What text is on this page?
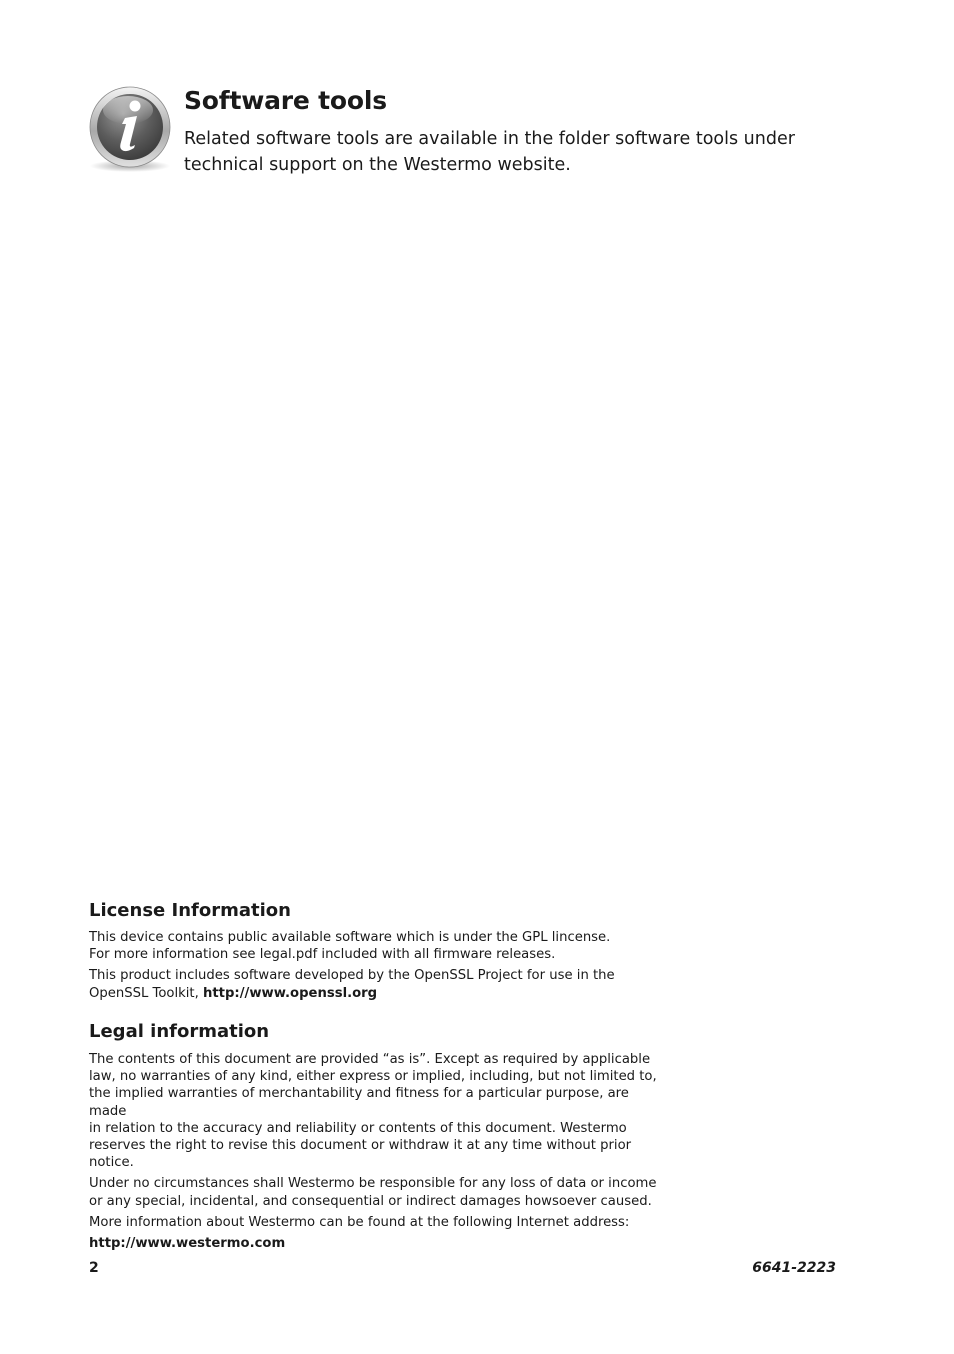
Software tools

Related software tools are available in the folder software tools under
technical support on the Westermo website.

License Information

This device contains public available software which is under the GPL lincense.
For more information see legal.pdf included with all firmware releases.

This product includes software developed by the OpenSSL Project for use in the
OpenSSL Toolkit, http://www.openssl.org

Legal information

The contents of this document are provided “as is”. Except as required by applicable
law, no warranties of any kind, either express or implied, including, but not limited to,
the implied warranties of merchantability and fitness for a particular purpose, are made
in relation to the accuracy and reliability or contents of this document. Westermo
reserves the right to revise this document or withdraw it at any time without prior
notice.

Under no circumstances shall Westermo be responsible for any loss of data or income
or any special, incidental, and consequential or indirect damages howsoever caused.

More information about Westermo can be found at the following Internet address:

http://www.westermo.com

2	6641-2223
